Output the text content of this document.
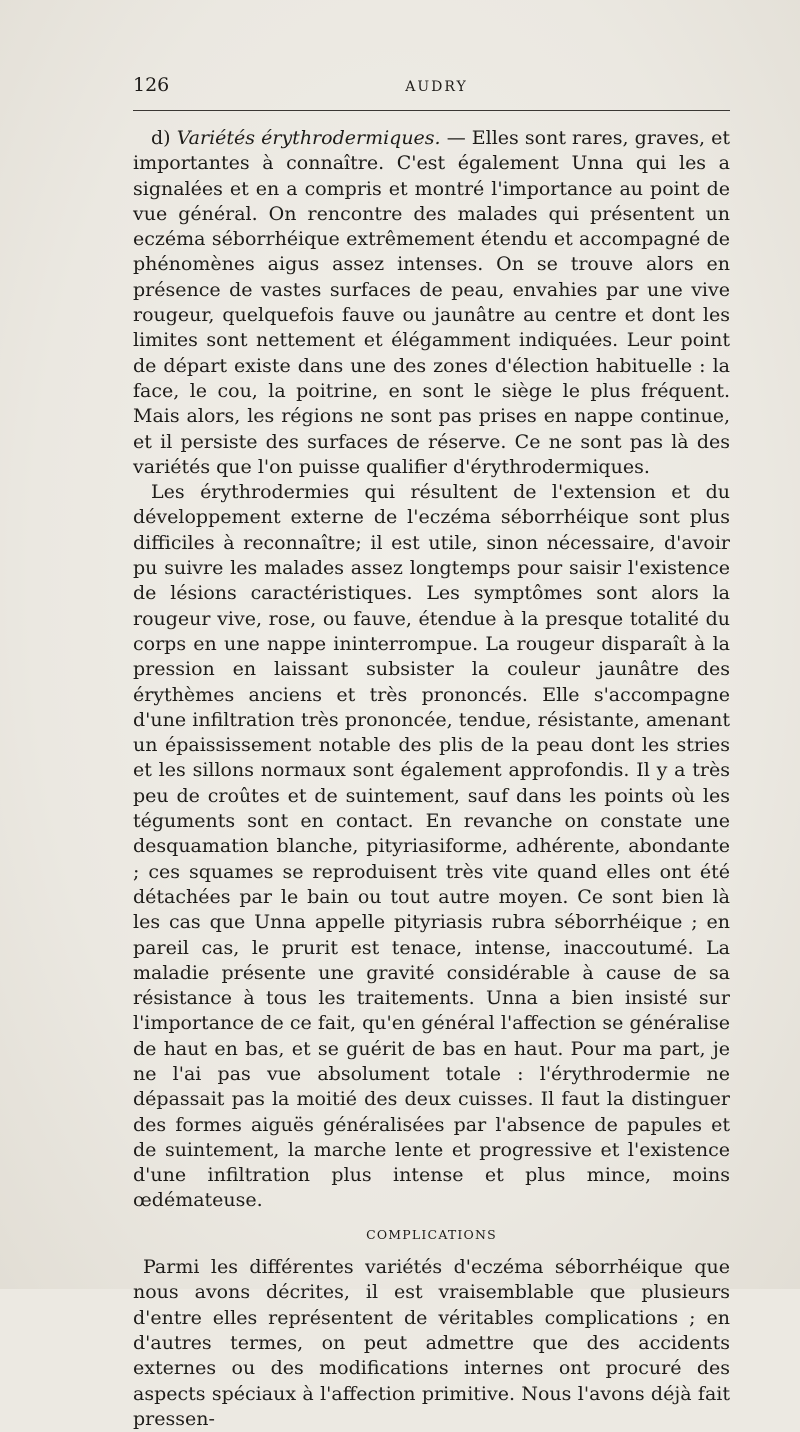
126	AUDRY

d) Variétés érythrodermiques. — Elles sont rares, graves, et importantes à connaître. C'est également Unna qui les a signalées et en a compris et montré l'importance au point de vue général. On rencontre des malades qui présentent un eczéma séborrhéique extrêmement étendu et accompagné de phénomènes aigus assez intenses. On se trouve alors en présence de vastes surfaces de peau, envahies par une vive rougeur, quelquefois fauve ou jaunâtre au centre et dont les limites sont nettement et élégamment indiquées. Leur point de départ existe dans une des zones d'élection habituelle : la face, le cou, la poitrine, en sont le siège le plus fréquent. Mais alors, les régions ne sont pas prises en nappe continue, et il persiste des surfaces de réserve. Ce ne sont pas là des variétés que l'on puisse qualifier d'érythrodermiques.

Les érythrodermies qui résultent de l'extension et du développement externe de l'eczéma séborrhéique sont plus difficiles à reconnaître; il est utile, sinon nécessaire, d'avoir pu suivre les malades assez longtemps pour saisir l'existence de lésions caractéristiques. Les symptômes sont alors la rougeur vive, rose, ou fauve, étendue à la presque totalité du corps en une nappe ininterrompue. La rougeur disparaît à la pression en laissant subsister la couleur jaunâtre des érythèmes anciens et très prononcés. Elle s'accompagne d'une infiltration très prononcée, tendue, résistante, amenant un épaississement notable des plis de la peau dont les stries et les sillons normaux sont également approfondis. Il y a très peu de croûtes et de suintement, sauf dans les points où les téguments sont en contact. En revanche on constate une desquamation blanche, pityriasiforme, adhérente, abondante ; ces squames se reproduisent très vite quand elles ont été détachées par le bain ou tout autre moyen. Ce sont bien là les cas que Unna appelle pityriasis rubra séborrhéique ; en pareil cas, le prurit est tenace, intense, inaccoutumé. La maladie présente une gravité considérable à cause de sa résistance à tous les traitements. Unna a bien insisté sur l'importance de ce fait, qu'en général l'affection se généralise de haut en bas, et se guérit de bas en haut. Pour ma part, je ne l'ai pas vue absolument totale : l'érythrodermie ne dépassait pas la moitié des deux cuisses. Il faut la distinguer des formes aiguës généralisées par l'absence de papules et de suintement, la marche lente et progressive et l'existence d'une infiltration plus intense et plus mince, moins œdémateuse.

COMPLICATIONS

Parmi les différentes variétés d'eczéma séborrhéique que nous avons décrites, il est vraisemblable que plusieurs d'entre elles représentent de véritables complications ; en d'autres termes, on peut admettre que des accidents externes ou des modifications internes ont procuré des aspects spéciaux à l'affection primitive. Nous l'avons déjà fait pressen-
